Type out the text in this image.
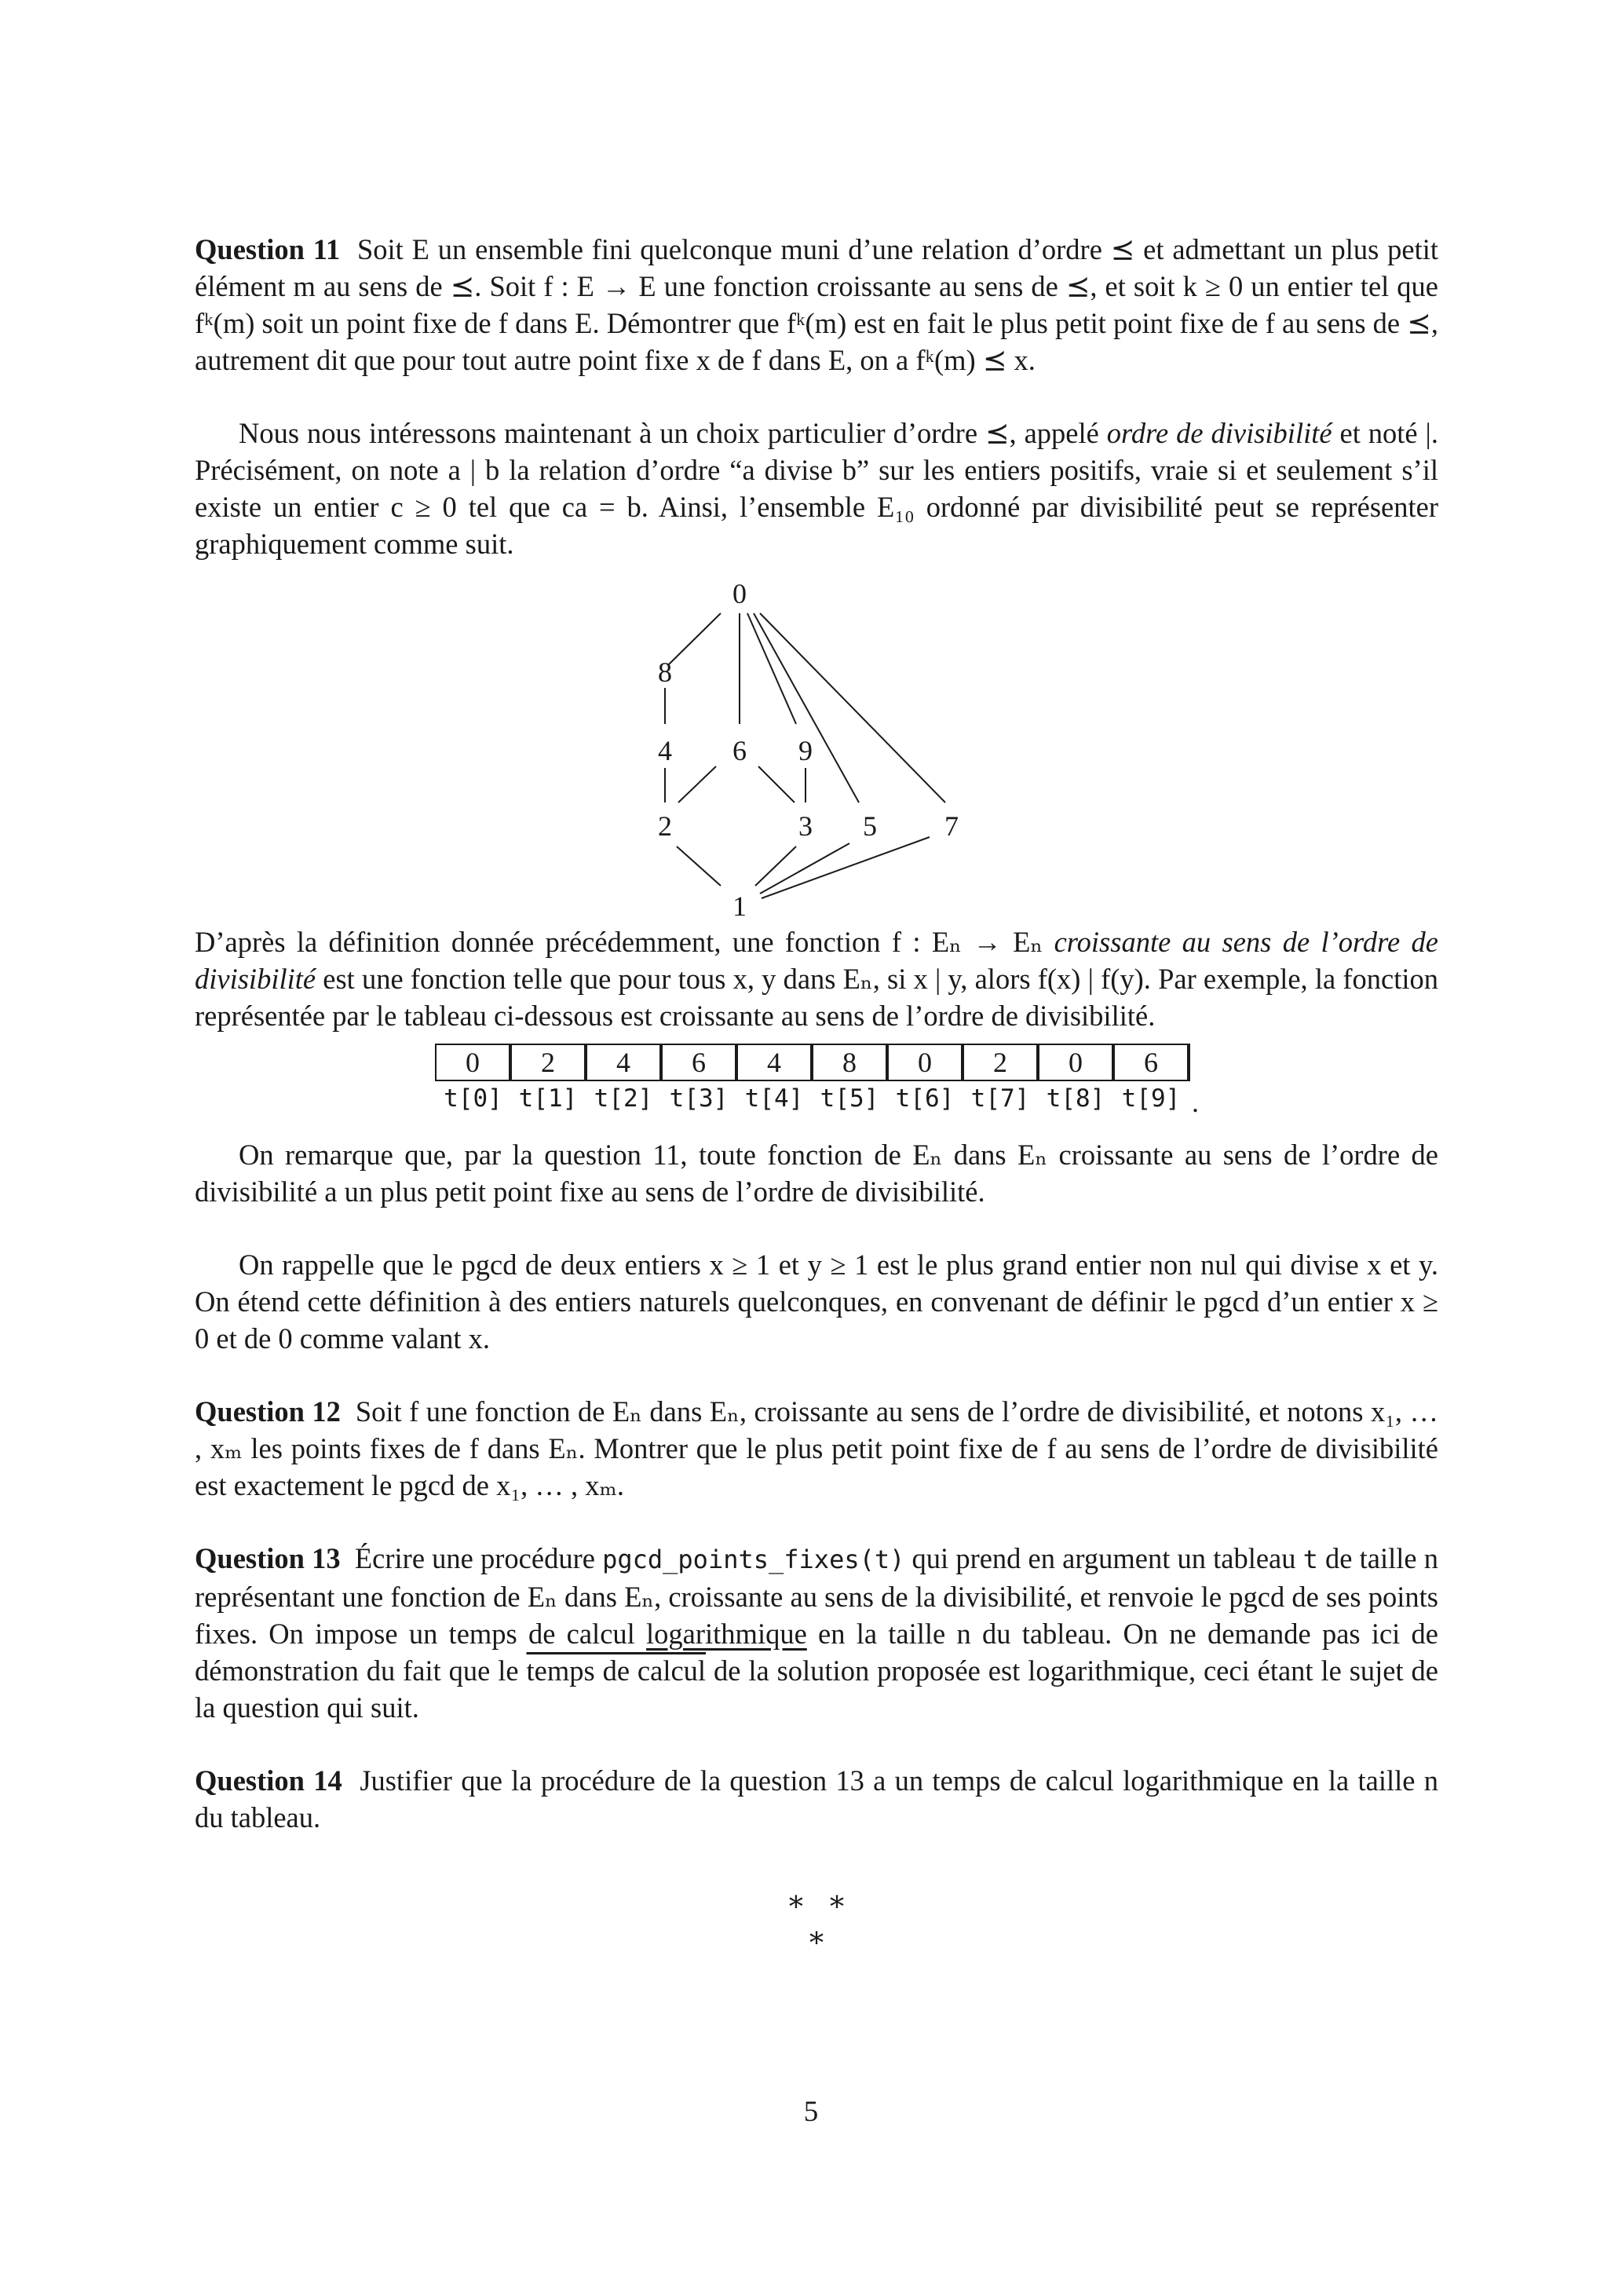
Question 11 Soit E un ensemble fini quelconque muni d’une relation d’ordre ⪯ et admettant un plus petit élément m au sens de ⪯. Soit f : E → E une fonction croissante au sens de ⪯, et soit k ≥ 0 un entier tel que fᵏ(m) soit un point fixe de f dans E. Démontrer que fᵏ(m) est en fait le plus petit point fixe de f au sens de ⪯, autrement dit que pour tout autre point fixe x de f dans E, on a fᵏ(m) ⪯ x.

Nous nous intéressons maintenant à un choix particulier d’ordre ⪯, appelé ordre de divisibilité et noté |. Précisément, on note a | b la relation d’ordre “a divise b” sur les entiers positifs, vraie si et seulement s’il existe un entier c ≥ 0 tel que ca = b. Ainsi, l’ensemble E₁₀ ordonné par divisibilité peut se représenter graphiquement comme suit.

0
8
4 6 9
2	3 5 7
1

D’après la définition donnée précédemment, une fonction f : Eₙ → Eₙ croissante au sens de l’ordre de divisibilité est une fonction telle que pour tous x, y dans Eₙ, si x | y, alors f(x) | f(y). Par exemple, la fonction représentée par le tableau ci-dessous est croissante au sens de l’ordre de divisibilité.

0	2	4	6	4	8	0	2	0	6
t[0]	t[1]	t[2]	t[3]	t[4]	t[5]	t[6]	t[7]	t[8]	t[9] .

On remarque que, par la question 11, toute fonction de Eₙ dans Eₙ croissante au sens de l’ordre de divisibilité a un plus petit point fixe au sens de l’ordre de divisibilité.

On rappelle que le pgcd de deux entiers x ≥ 1 et y ≥ 1 est le plus grand entier non nul qui divise x et y. On étend cette définition à des entiers naturels quelconques, en convenant de définir le pgcd d’un entier x ≥ 0 et de 0 comme valant x.

Question 12 Soit f une fonction de Eₙ dans Eₙ, croissante au sens de l’ordre de divisibilité, et notons x₁, … , xₘ les points fixes de f dans Eₙ. Montrer que le plus petit point fixe de f au sens de l’ordre de divisibilité est exactement le pgcd de x₁, … , xₘ.

Question 13 Écrire une procédure pgcd_points_fixes(t) qui prend en argument un tableau t de taille n représentant une fonction de Eₙ dans Eₙ, croissante au sens de la divisibilité, et renvoie le pgcd de ses points fixes. On impose un temps de calcul logarithmique en la taille n du tableau. On ne demande pas ici de démonstration du fait que le temps de calcul de la solution proposée est logarithmique, ceci étant le sujet de la question qui suit.

Question 14 Justifier que la procédure de la question 13 a un temps de calcul logarithmique en la taille n du tableau.

∗   ∗
∗
5
